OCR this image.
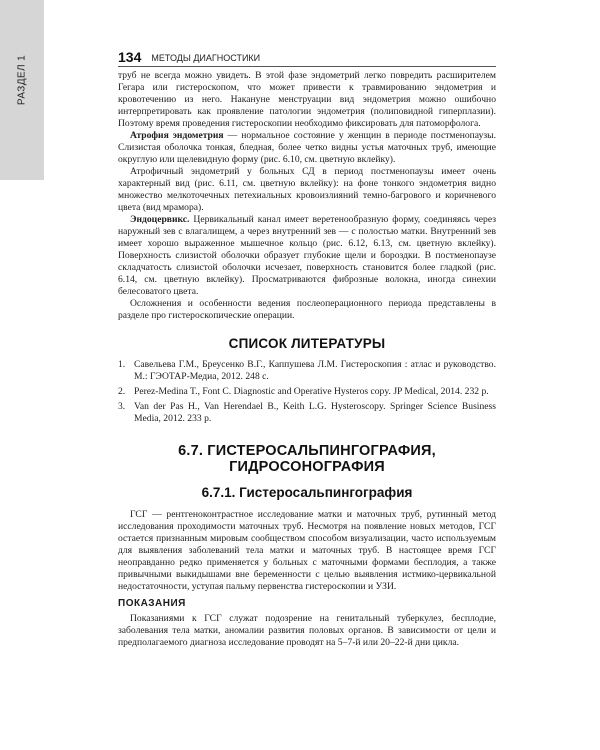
РАЗДЕЛ 1	134 МЕТОДЫ ДИАГНОСТИКИ

труб не всегда можно увидеть. В этой фазе эндометрий легко повредить расширителем Гегара или гистероскопом, что может привести к травмированию эндометрия и кровотечению из него. Накануне менструации вид эндометрия можно ошибочно интерпретировать как проявление патологии эндометрия (полиповидной гиперплазии). Поэтому время проведения гистероскопии необходимо фиксировать для патоморфолога.

Атрофия эндометрия — нормальное состояние у женщин в периоде постменопаузы. Слизистая оболочка тонкая, бледная, более четко видны устья маточных труб, имеющие округлую или щелевидную форму (рис. 6.10, см. цветную вклейку).

Атрофичный эндометрий у больных СД в период постменопаузы имеет очень характерный вид (рис. 6.11, см. цветную вклейку): на фоне тонкого эндометрия видно множество мелкоточечных петехиальных кровоизлияний темно-багрового и коричневого цвета (вид мрамора).

Эндоцервикс. Цервикальный канал имеет веретенообразную форму, соединяясь через наружный зев с влагалищем, а через внутренний зев — с полостью матки. Внутренний зев имеет хорошо выраженное мышечное кольцо (рис. 6.12, 6.13, см. цветную вклейку). Поверхность слизистой оболочки образует глубокие щели и бороздки. В постменопаузе складчатость слизистой оболочки исчезает, поверхность становится более гладкой (рис. 6.14, см. цветную вклейку). Просматриваются фиброзные волокна, иногда синехии белесоватого цвета.

Осложнения и особенности ведения послеоперационного периода представлены в разделе про гистероскопические операции.

СПИСОК ЛИТЕРАТУРЫ
1. Савельева Г.М., Бреусенко В.Г., Каппушева Л.М. Гистероскопия : атлас и руководство. М.: ГЭОТАР-Медиа, 2012. 248 с.
2. Perez-Medina T., Font C. Diagnostic and Operative Hysteros copy. JP Medical, 2014. 232 p.
3. Van der Pas H., Van Herendael B., Keith L.G. Hysteroscopy. Springer Science Business Media, 2012. 233 p.
6.7. ГИСТЕРОСАЛЬПИНГОГРАФИЯ, ГИДРОСОНОГРАФИЯ
6.7.1. Гистеросальпингография

ГСГ — рентгеноконтрастное исследование матки и маточных труб, рутинный метод исследования проходимости маточных труб. Несмотря на появление новых методов, ГСГ остается признанным мировым сообществом способом визуализации, часто используемым для выявления заболеваний тела матки и маточных труб. В настоящее время ГСГ неоправданно редко применяется у больных с маточными формами бесплодия, а также привычными выкидышами вне беременности с целью выявления истмико-цервикальной недостаточности, уступая пальму первенства гистероскопии и УЗИ.

ПОКАЗАНИЯ

Показаниями к ГСГ служат подозрение на генитальный туберкулез, бесплодие, заболевания тела матки, аномалии развития половых органов. В зависимости от цели и предполагаемого диагноза исследование проводят на 5–7-й или 20–22-й дни цикла.
